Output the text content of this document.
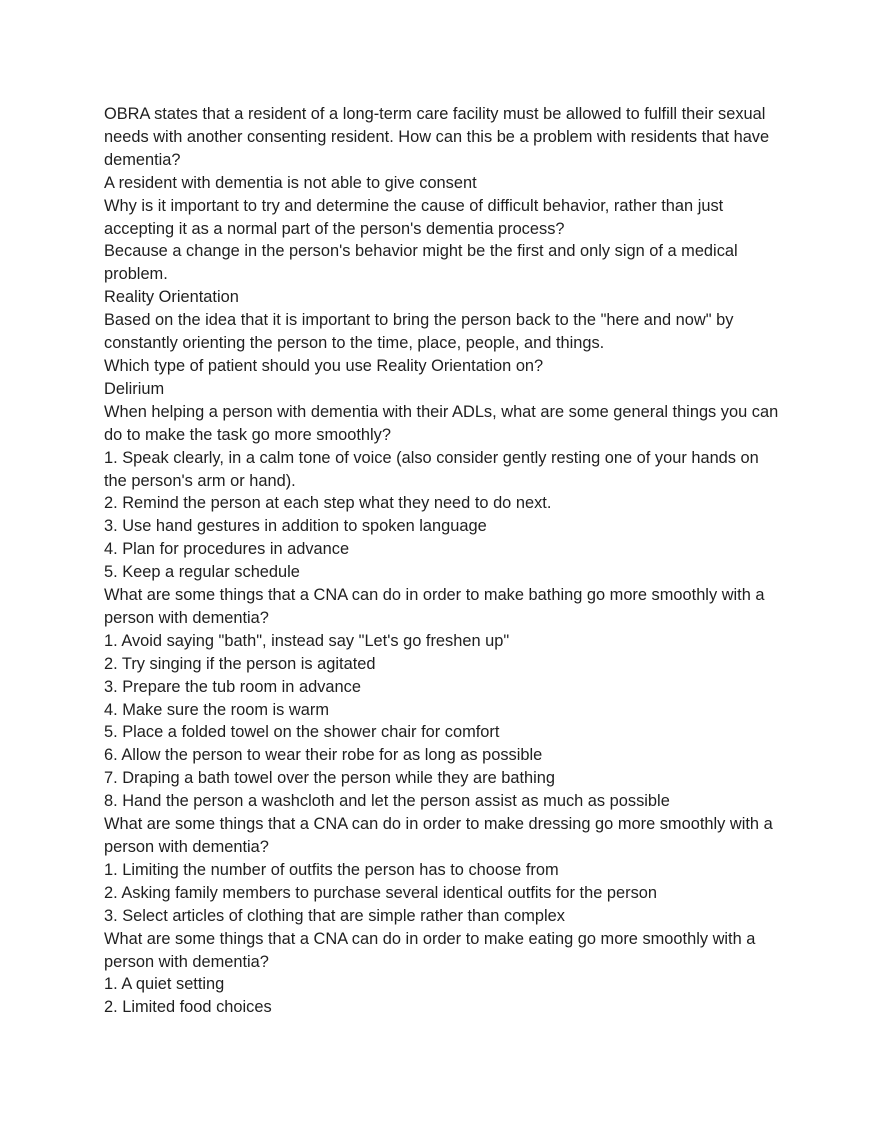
OBRA states that a resident of a long-term care facility must be allowed to fulfill their sexual needs with another consenting resident. How can this be a problem with residents that have dementia?

A resident with dementia is not able to give consent

Why is it important to try and determine the cause of difficult behavior, rather than just accepting it as a normal part of the person's dementia process?

Because a change in the person's behavior might be the first and only sign of a medical problem.

Reality Orientation

Based on the idea that it is important to bring the person back to the "here and now" by constantly orienting the person to the time, place, people, and things.

Which type of patient should you use Reality Orientation on?

Delirium

When helping a person with dementia with their ADLs, what are some general things you can do to make the task go more smoothly?

1. Speak clearly, in a calm tone of voice (also consider gently resting one of your hands on the person's arm or hand).

2. Remind the person at each step what they need to do next.

3. Use hand gestures in addition to spoken language

4. Plan for procedures in advance

5. Keep a regular schedule

What are some things that a CNA can do in order to make bathing go more smoothly with a person with dementia?

1. Avoid saying "bath", instead say "Let's go freshen up"

2. Try singing if the person is agitated

3. Prepare the tub room in advance

4. Make sure the room is warm

5. Place a folded towel on the shower chair for comfort

6. Allow the person to wear their robe for as long as possible

7. Draping a bath towel over the person while they are bathing

8. Hand the person a washcloth and let the person assist as much as possible

What are some things that a CNA can do in order to make dressing go more smoothly with a person with dementia?

1. Limiting the number of outfits the person has to choose from

2. Asking family members to purchase several identical outfits for the person

3. Select articles of clothing that are simple rather than complex

What are some things that a CNA can do in order to make eating go more smoothly with a person with dementia?

1. A quiet setting

2. Limited food choices
